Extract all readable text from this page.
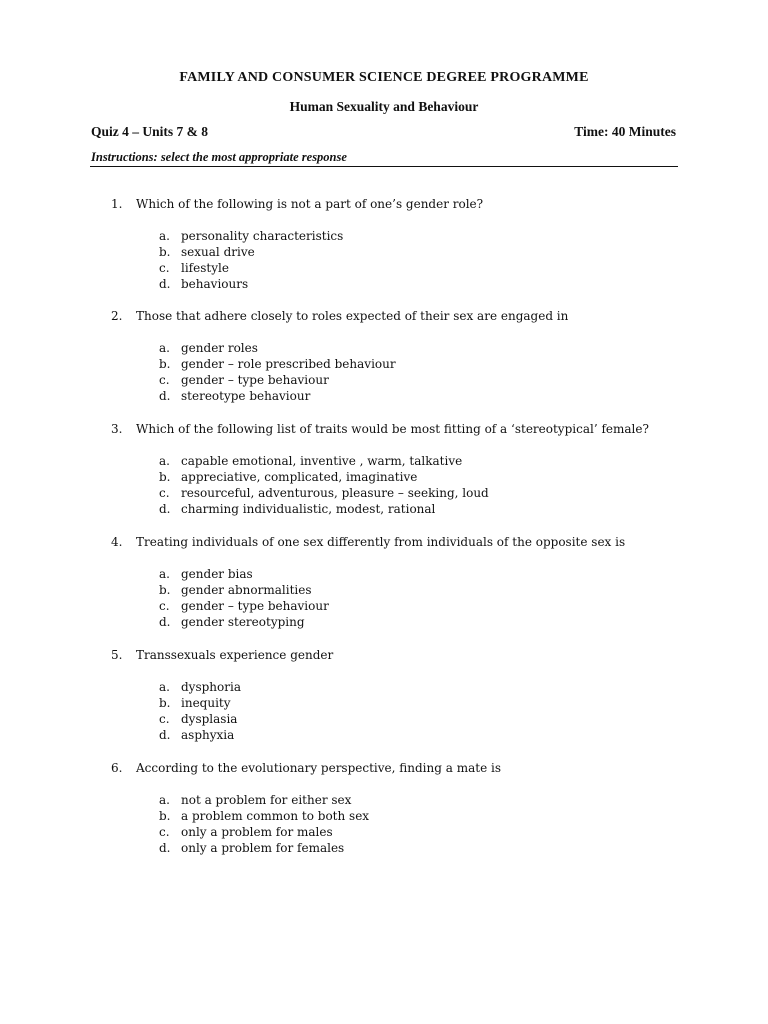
FAMILY AND CONSUMER SCIENCE DEGREE PROGRAMME
Human Sexuality and Behaviour
Quiz 4 – Units 7 & 8	Time: 40 Minutes
Instructions: select the most appropriate response
1. Which of the following is not a part of one’s gender role?
a. personality characteristics
b. sexual drive
c. lifestyle
d. behaviours
2. Those that adhere closely to roles expected of their sex are engaged in
a. gender roles
b. gender – role prescribed behaviour
c. gender – type behaviour
d. stereotype behaviour
3. Which of the following list of traits would be most fitting of a ‘stereotypical’ female?
a. capable emotional, inventive , warm, talkative
b. appreciative, complicated, imaginative
c. resourceful, adventurous, pleasure – seeking, loud
d. charming individualistic, modest, rational
4. Treating individuals of one sex differently from individuals of the opposite sex is
a. gender bias
b. gender abnormalities
c. gender – type behaviour
d. gender stereotyping
5. Transsexuals experience gender
a. dysphoria
b. inequity
c. dysplasia
d. asphyxia
6. According to the evolutionary perspective, finding a mate is
a. not a problem for either sex
b. a problem common to both sex
c. only a problem for males
d. only a problem for females
